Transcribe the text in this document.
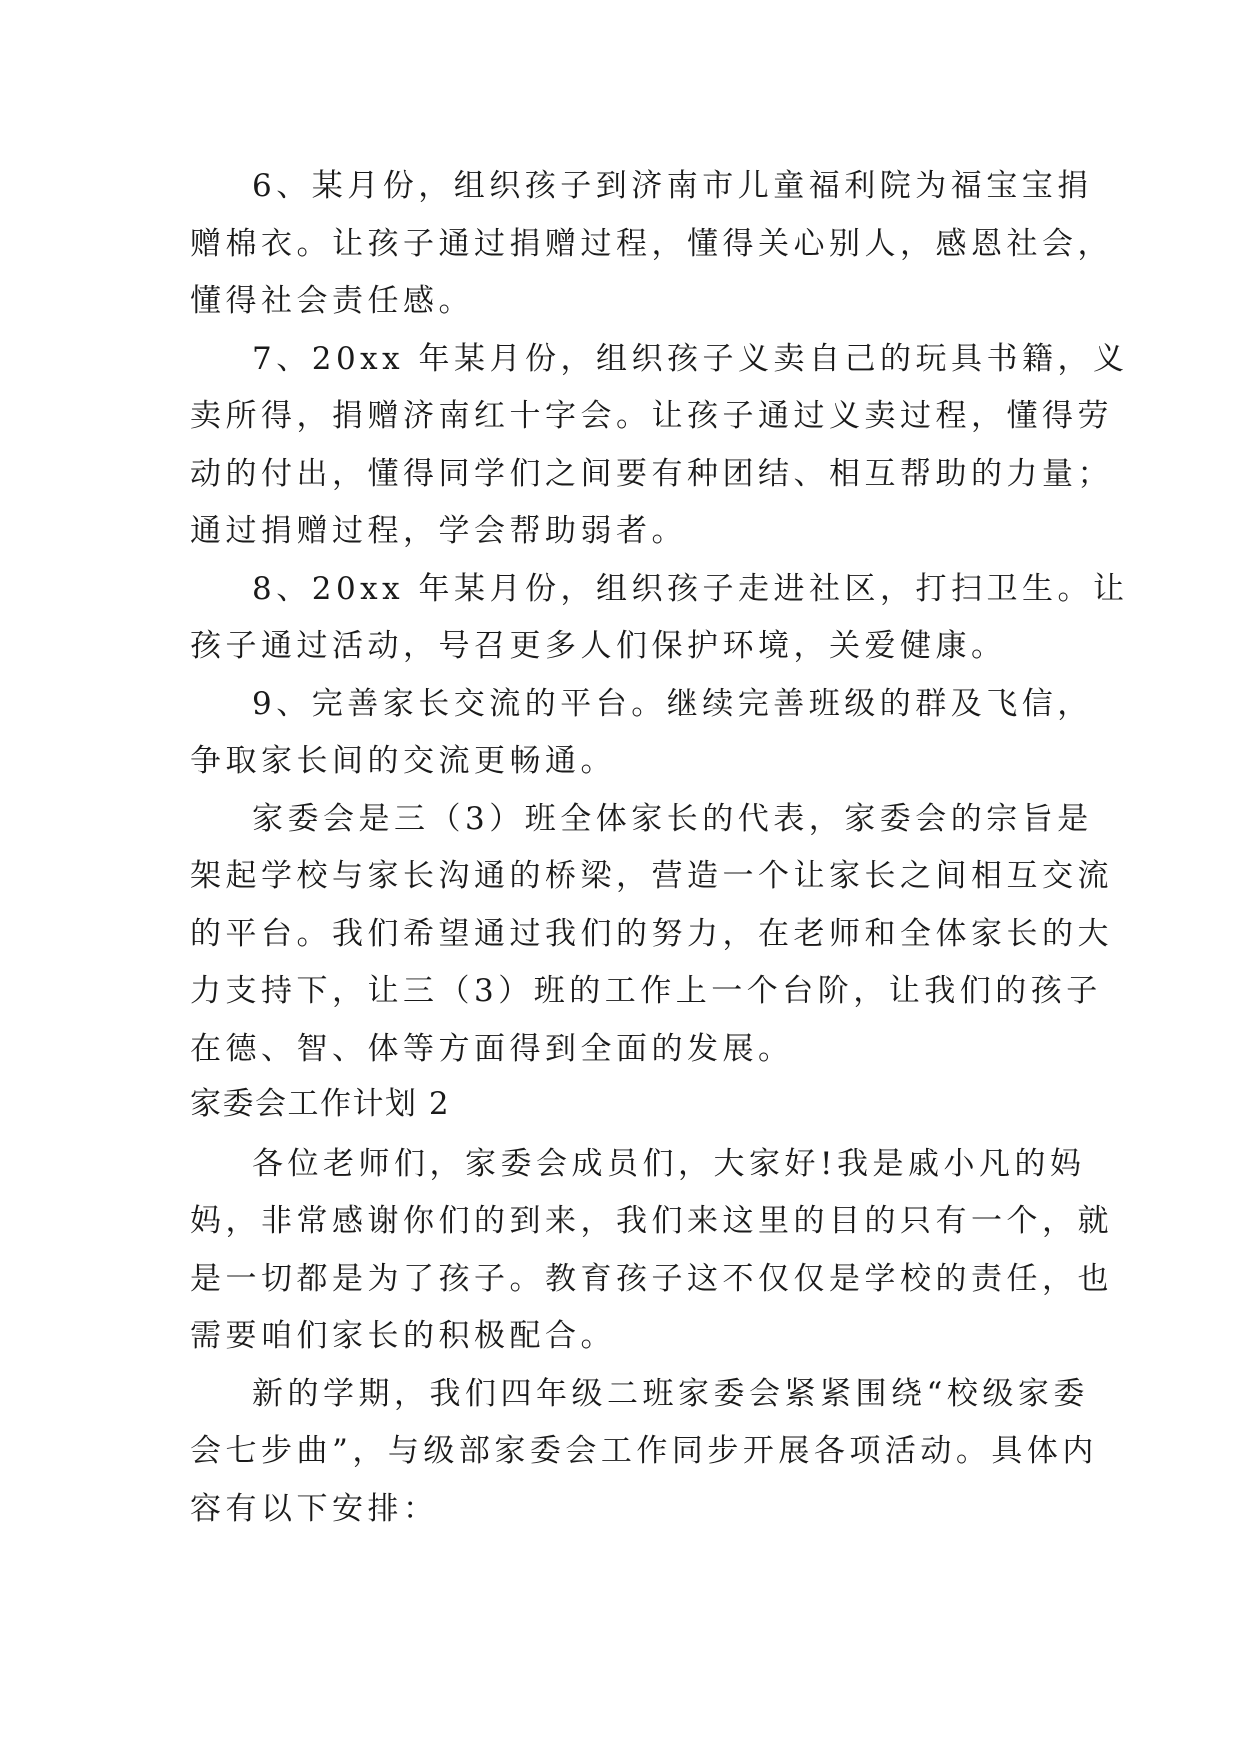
6、某月份，组织孩子到济南市儿童福利院为福宝宝捐
赠棉衣。让孩子通过捐赠过程，懂得关心别人，感恩社会，
懂得社会责任感。
7、20xx 年某月份，组织孩子义卖自己的玩具书籍，义
卖所得，捐赠济南红十字会。让孩子通过义卖过程，懂得劳
动的付出，懂得同学们之间要有种团结、相互帮助的力量；
通过捐赠过程，学会帮助弱者。
8、20xx 年某月份，组织孩子走进社区，打扫卫生。让
孩子通过活动，号召更多人们保护环境，关爱健康。
9、完善家长交流的平台。继续完善班级的群及飞信，
争取家长间的交流更畅通。
家委会是三（3）班全体家长的代表，家委会的宗旨是
架起学校与家长沟通的桥梁，营造一个让家长之间相互交流
的平台。我们希望通过我们的努力，在老师和全体家长的大
力支持下，让三（3）班的工作上一个台阶，让我们的孩子
在德、智、体等方面得到全面的发展。
家委会工作计划 2
各位老师们，家委会成员们，大家好!我是戚小凡的妈
妈，非常感谢你们的到来，我们来这里的目的只有一个，就
是一切都是为了孩子。教育孩子这不仅仅是学校的责任，也
需要咱们家长的积极配合。
新的学期，我们四年级二班家委会紧紧围绕“校级家委
会七步曲”，与级部家委会工作同步开展各项活动。具体内
容有以下安排：
